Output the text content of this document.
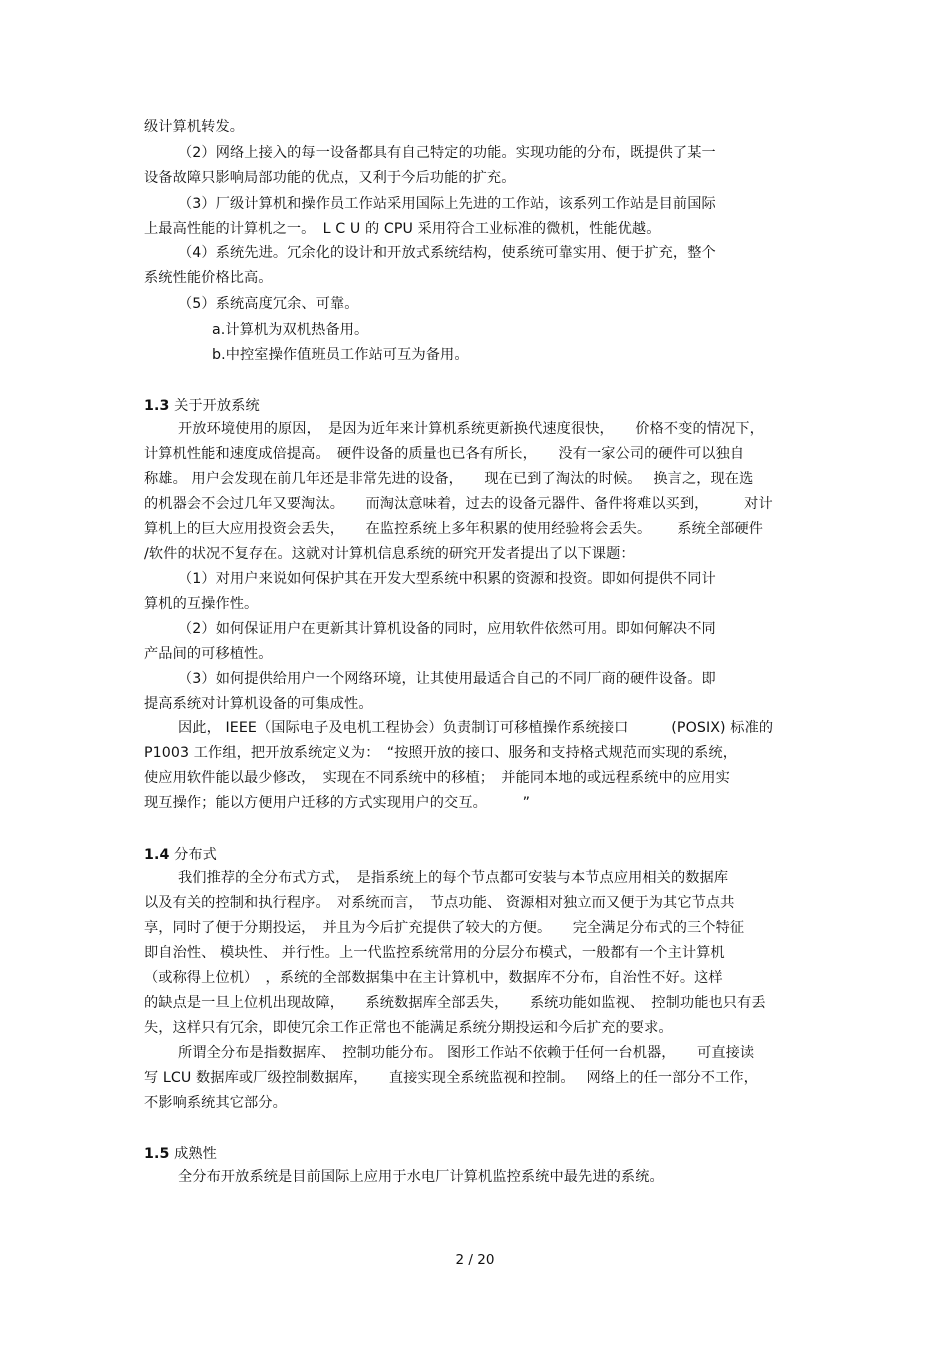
级计算机转发。
（2）网络上接入的每一设备都具有自己特定的功能。实现功能的分布，既提供了某一
设备故障只影响局部功能的优点，又利于今后功能的扩充。
（3）厂级计算机和操作员工作站采用国际上先进的工作站，该系列工作站是目前国际
上最高性能的计算机之一。　L C U 的 CPU 采用符合工业标准的微机，性能优越。
（4）系统先进。冗余化的设计和开放式系统结构，使系统可靠实用、便于扩充，整个
系统性能价格比高。
（5）系统高度冗余、可靠。
a.计算机为双机热备用。
b.中控室操作值班员工作站可互为备用。
1.3 关于开放系统
开放环境使用的原因，　是因为近年来计算机系统更新换代速度很快，　　价格不变的情况下，
计算机性能和速度成倍提高。　硬件设备的质量也已各有所长，　　没有一家公司的硬件可以独自
称雄。 用户会发现在前几年还是非常先进的设备，　　现在已到了淘汰的时候。　 换言之，现在选
的机器会不会过几年又要淘汰。　　而淘汰意味着，过去的设备元器件、备件将难以买到，　　　对计
算机上的巨大应用投资会丢失，　　在监控系统上多年积累的使用经验将会丢失。　　 系统全部硬件
/软件的状况不复存在。这就对计算机信息系统的研究开发者提出了以下课题：
（1）对用户来说如何保护其在开发大型系统中积累的资源和投资。即如何提供不同计
算机的互操作性。
（2）如何保证用户在更新其计算机设备的同时，应用软件依然可用。即如何解决不同
产品间的可移植性。
（3）如何提供给用户一个网络环境，让其使用最适合自己的不同厂商的硬件设备。即
提高系统对计算机设备的可集成性。
因此， IEEE（国际电子及电机工程协会）负责制订可移植操作系统接口　　　(POSIX) 标准的
P1003 工作组，把开放系统定义为：　“按照开放的接口、服务和支持格式规范而实现的系统，
使应用软件能以最少修改，　实现在不同系统中的移植；　并能同本地的或远程系统中的应用实
现互操作；能以方便用户迁移的方式实现用户的交互。　　　”
1.4 分布式
我们推荐的全分布式方式，　是指系统上的每个节点都可安装与本节点应用相关的数据库
以及有关的控制和执行程序。　对系统而言，　节点功能、 资源相对独立而又便于为其它节点共
享，同时了便于分期投运，　并且为今后扩充提供了较大的方便。　　完全满足分布式的三个特征
即自治性、 模块性、 并行性。上一代监控系统常用的分层分布模式，一般都有一个主计算机
（或称得上位机）　，系统的全部数据集中在主计算机中，数据库不分布，自治性不好。这样
的缺点是一旦上位机出现故障，　　系统数据库全部丢失，　　系统功能如监视、　控制功能也只有丢
失，这样只有冗余，即使冗余工作正常也不能满足系统分期投运和今后扩充的要求。
所谓全分布是指数据库、　控制功能分布。 图形工作站不依赖于任何一台机器，　　可直接读
写 LCU 数据库或厂级控制数据库，　　直接实现全系统监视和控制。　 网络上的任一部分不工作，
不影响系统其它部分。
1.5 成熟性
全分布开放系统是目前国际上应用于水电厂计算机监控系统中最先进的系统。
2 / 20
